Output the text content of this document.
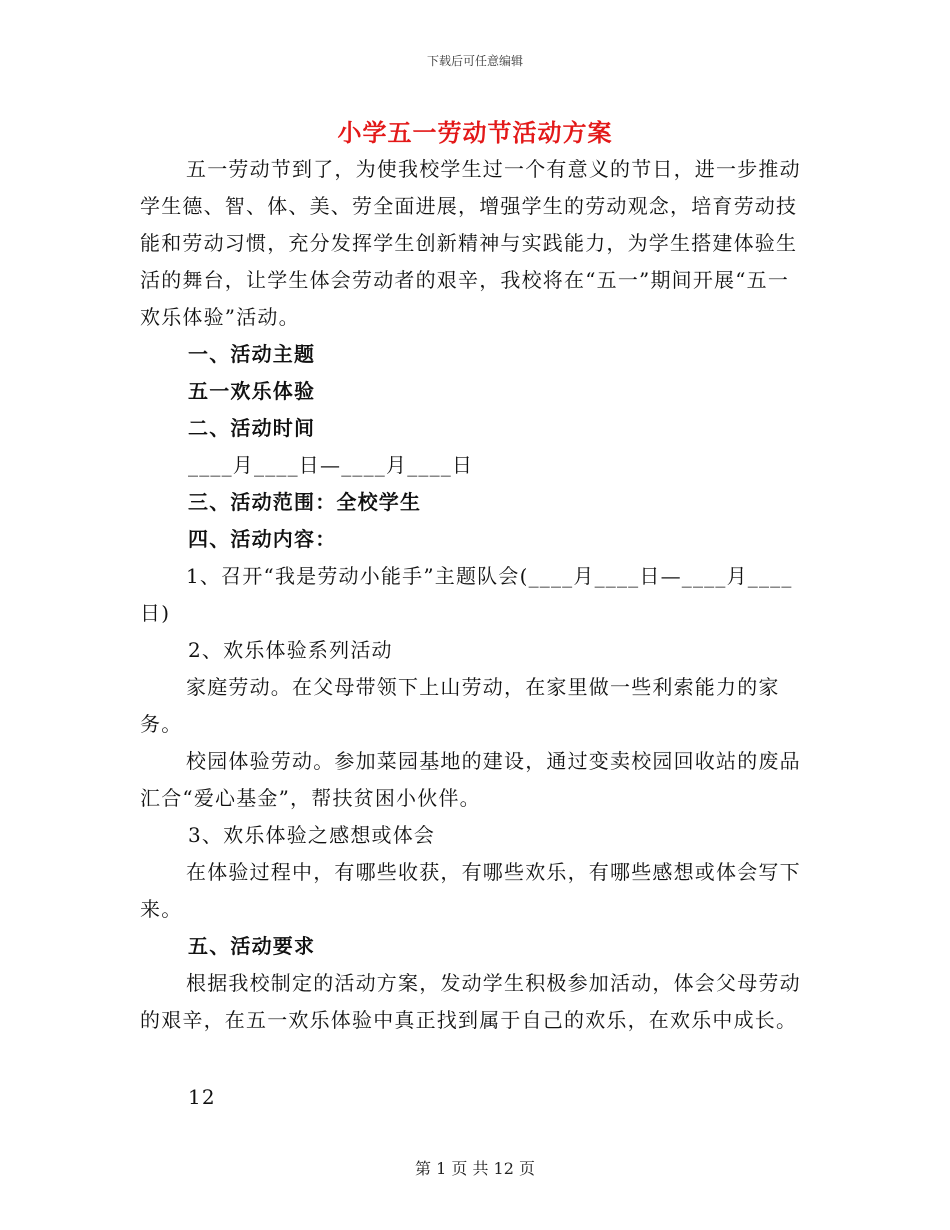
下载后可任意编辑
小学五一劳动节活动方案

五一劳动节到了，为使我校学生过一个有意义的节日，进一步推动学生德、智、体、美、劳全面进展，增强学生的劳动观念，培育劳动技能和劳动习惯，充分发挥学生创新精神与实践能力，为学生搭建体验生活的舞台，让学生体会劳动者的艰辛，我校将在“五一”期间开展“五一欢乐体验”活动。

一、活动主题

五一欢乐体验

二、活动时间

____月____日—____月____日

三、活动范围：全校学生

四、活动内容：

1、召开“我是劳动小能手”主题队会(____月____日—____月____日)

2、欢乐体验系列活动

家庭劳动。在父母带领下上山劳动，在家里做一些利索能力的家务。

校园体验劳动。参加菜园基地的建设，通过变卖校园回收站的废品汇合“爱心基金”，帮扶贫困小伙伴。

3、欢乐体验之感想或体会

在体验过程中，有哪些收获，有哪些欢乐，有哪些感想或体会写下来。

五、活动要求

根据我校制定的活动方案，发动学生积极参加活动，体会父母劳动的艰辛，在五一欢乐体验中真正找到属于自己的欢乐，在欢乐中成长。

12

第 1 页 共 12 页
